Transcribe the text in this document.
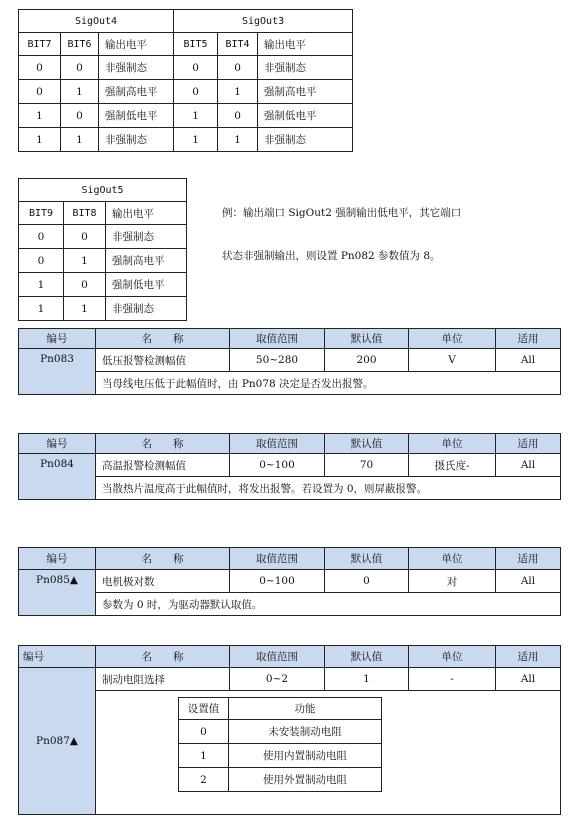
SigOut4			SigOut3		
BIT7	BIT6	输出电平	BIT5	BIT4	输出电平
0	0	非强制态	0	0	非强制态
0	1	强制高电平	0	1	强制高电平
1	0	强制低电平	1	0	强制低电平
1	1	非强制态	1	1	非强制态
SigOut5		
BIT9	BIT8	输出电平
0	0	非强制态
0	1	强制高电平
1	0	强制低电平
1	1	非强制态
例：输出端口 SigOut2 强制输出低电平，其它端口
状态非强制输出，则设置 Pn082 参数值为 8。
编号	名　　称	取值范围	默认值	单位	适用
Pn083	低压报警检测幅值	50~280	200	V	All
	当母线电压低于此幅值时，由 Pn078 决定是否发出报警。				
编号	名　　称	取值范围	默认值	单位	适用
Pn084	高温报警检测幅值	0~100	70	摄氏度-	All
	当散热片温度高于此幅值时，将发出报警。若设置为 0，则屏蔽报警。				
编号	名　　称	取值范围	默认值	单位	适用
Pn085▲	电机极对数	0~100	0	对	All
	参数为 0 时，为驱动器默认取值。				
编号	名　　称	取值范围	默认值	单位	适用
Pn087▲	制动电阻选择	0~2	1	-	All

设置值	功能
0	未安装制动电阻
1	使用内置制动电阻
2	使用外置制动电阻
